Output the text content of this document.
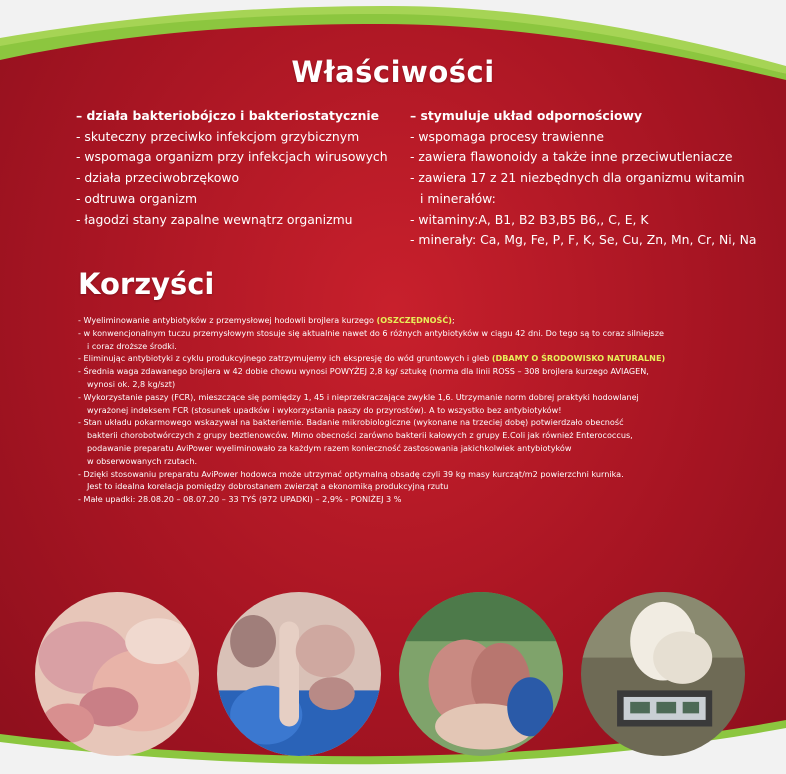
Właściwości
– działa bakteriobójczo i bakteriostatycznie
- skuteczny przeciwko infekcjom grzybicznym
- wspomaga organizm przy infekcjach wirusowych
- działa przeciwobrzękowo
- odtruwa organizm
- łagodzi stany zapalne wewnątrz organizmu
– stymuluje układ odpornościowy
- wspomaga procesy trawienne
- zawiera flawonoidy a także inne przeciwutleniacze
- zawiera 17 z 21 niezbędnych dla organizmu witamin
i minerałów:
- witaminy:A, B1, B2 B3,B5 B6,, C, E, K
- minerały: Ca, Mg, Fe, P, F, K, Se, Cu, Zn, Mn, Cr, Ni, Na
Korzyści
- Wyeliminowanie antybiotyków z przemysłowej hodowli brojlera kurzego (OSZCZĘDNOŚĆ);
- w konwencjonalnym tuczu przemysłowym stosuje się aktualnie nawet do 6 różnych antybiotyków w ciągu 42 dni. Do tego są to coraz silniejsze
i coraz droższe środki.
- Eliminując antybiotyki z cyklu produkcyjnego zatrzymujemy ich ekspresję do wód gruntowych i gleb (DBAMY O ŚRODOWISKO NATURALNE)
- Średnia waga zdawanego brojlera w 42 dobie chowu wynosi POWYŻEJ 2,8 kg/ sztukę (norma dla linii ROSS – 308 brojlera kurzego AVIAGEN,
wynosi ok. 2,8 kg/szt)
- Wykorzystanie paszy (FCR), mieszczące się pomiędzy 1, 45 i nieprzekraczające zwykle 1,6. Utrzymanie norm dobrej praktyki hodowlanej
wyrażonej indeksem FCR (stosunek upadków i wykorzystania paszy do przyrostów). A to wszystko bez antybiotyków!
- Stan układu pokarmowego wskazywał na bakteriemie. Badanie mikrobiologiczne (wykonane na trzeciej dobę) potwierdzało obecność
bakterii chorobotwórczych z grupy beztlenowców. Mimo obecności zarówno bakterii kałowych z grupy E.Coli jak również Enterococcus,
podawanie preparatu AviPower wyeliminowało za każdym razem konieczność zastosowania jakichkolwiek antybiotyków
w obserwowanych rzutach.
- Dzięki stosowaniu preparatu AviPower hodowca może utrzymać optymalną obsadę czyli 39 kg masy kurcząt/m2 powierzchni kurnika.
Jest to idealna korelacja pomiędzy dobrostanem zwierząt a ekonomiką produkcyjną rzutu
- Małe upadki: 28.08.20 – 08.07.20 – 33 TYŚ (972 UPADKI) – 2,9% - PONIŻEJ 3 %
